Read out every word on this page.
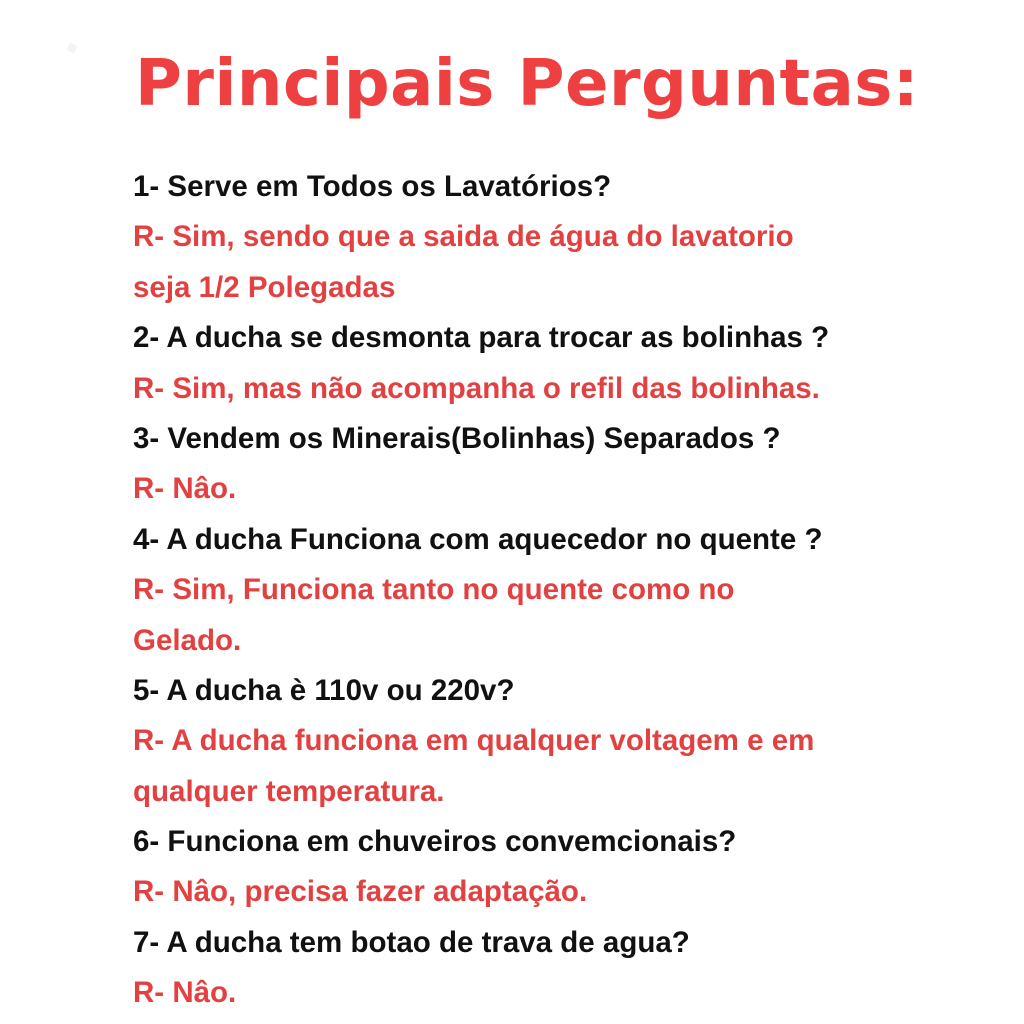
Principais Perguntas:
1- Serve em Todos os Lavatórios?
R- Sim, sendo que a saida de água do lavatorio
seja 1/2 Polegadas
2- A ducha se desmonta para trocar as bolinhas ?
R- Sim, mas não acompanha o refil das bolinhas.
3- Vendem os Minerais(Bolinhas) Separados ?
R- Nâo.
4- A ducha Funciona com aquecedor no quente ?
R- Sim, Funciona tanto no quente como no
Gelado.
5- A ducha è 110v ou 220v?
R- A ducha funciona em qualquer voltagem e em
qualquer temperatura.
6- Funciona em chuveiros convemcionais?
R- Nâo, precisa fazer adaptação.
7- A ducha tem botao de trava de agua?
R- Nâo.
